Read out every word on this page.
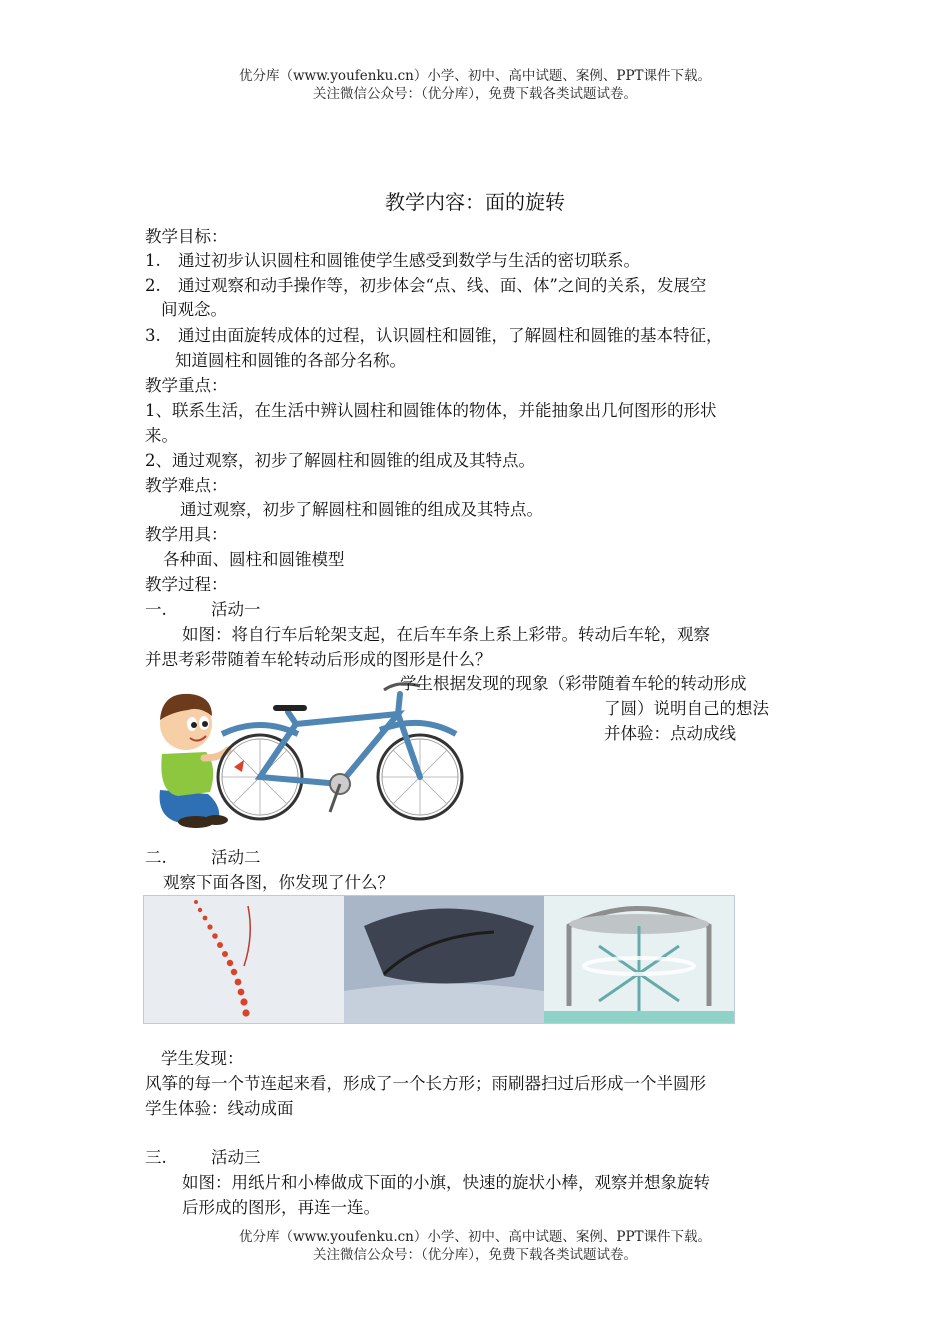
优分库（www.youfenku.cn）小学、初中、高中试题、案例、PPT课件下载。
关注微信公众号：（优分库），免费下载各类试题试卷。
教学内容：面的旋转
教学目标：
1. 通过初步认识圆柱和圆锥使学生感受到数学与生活的密切联系。
2. 通过观察和动手操作等，初步体会“点、线、面、体”之间的关系，发展空
间观念。
3. 通过由面旋转成体的过程，认识圆柱和圆锥，了解圆柱和圆锥的基本特征，
知道圆柱和圆锥的各部分名称。
教学重点：
1、联系生活，在生活中辨认圆柱和圆锥体的物体，并能抽象出几何图形的形状
来。
2、通过观察，初步了解圆柱和圆锥的组成及其特点。
教学难点：
通过观察，初步了解圆柱和圆锥的组成及其特点。
教学用具：
各种面、圆柱和圆锥模型
教学过程：
一.	活动一
如图：将自行车后轮架支起，在后车车条上系上彩带。转动后车轮，观察
并思考彩带随着车轮转动后形成的图形是什么？
学生根据发现的现象（彩带随着车轮的转动形成
了圆）说明自己的想法
并体验：点动成线
二.	活动二
观察下面各图，你发现了什么？
学生发现：
风筝的每一个节连起来看，形成了一个长方形；雨刷器扫过后形成一个半圆形
学生体验：线动成面
三.	活动三
如图：用纸片和小棒做成下面的小旗，快速的旋状小棒，观察并想象旋转
后形成的图形，再连一连。
优分库（www.youfenku.cn）小学、初中、高中试题、案例、PPT课件下载。
关注微信公众号：（优分库），免费下载各类试题试卷。
